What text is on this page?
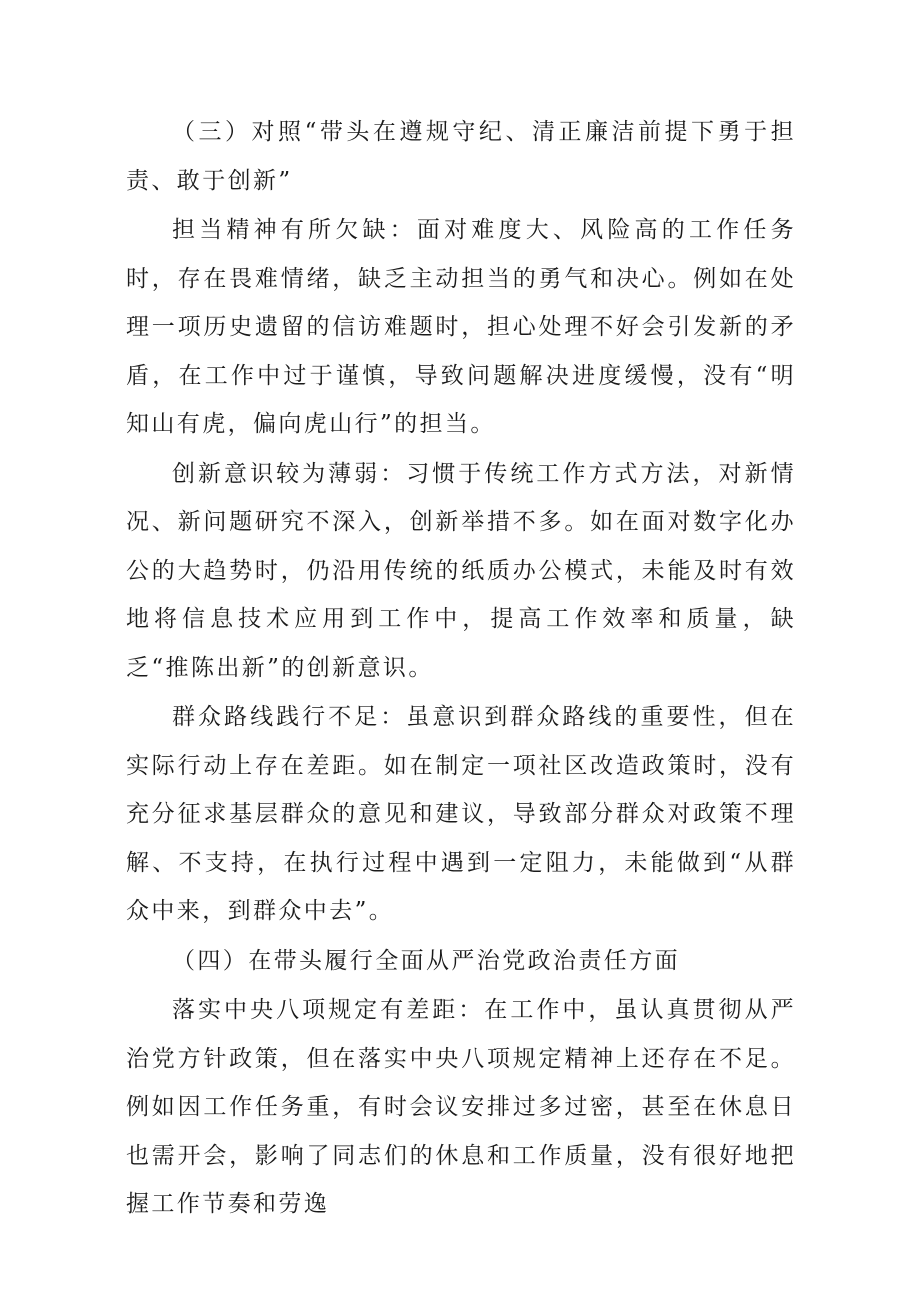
（三）对照“带头在遵规守纪、清正廉洁前提下勇于担责、敢于创新”

担当精神有所欠缺：面对难度大、风险高的工作任务时，存在畏难情绪，缺乏主动担当的勇气和决心。例如在处理一项历史遗留的信访难题时，担心处理不好会引发新的矛盾，在工作中过于谨慎，导致问题解决进度缓慢，没有“明知山有虎，偏向虎山行”的担当。

创新意识较为薄弱：习惯于传统工作方式方法，对新情况、新问题研究不深入，创新举措不多。如在面对数字化办公的大趋势时，仍沿用传统的纸质办公模式，未能及时有效地将信息技术应用到工作中，提高工作效率和质量，缺乏“推陈出新”的创新意识。

群众路线践行不足：虽意识到群众路线的重要性，但在实际行动上存在差距。如在制定一项社区改造政策时，没有充分征求基层群众的意见和建议，导致部分群众对政策不理解、不支持，在执行过程中遇到一定阻力，未能做到“从群众中来，到群众中去”。

（四）在带头履行全面从严治党政治责任方面

落实中央八项规定有差距：在工作中，虽认真贯彻从严治党方针政策，但在落实中央八项规定精神上还存在不足。例如因工作任务重，有时会议安排过多过密，甚至在休息日也需开会，影响了同志们的休息和工作质量，没有很好地把握工作节奏和劳逸
